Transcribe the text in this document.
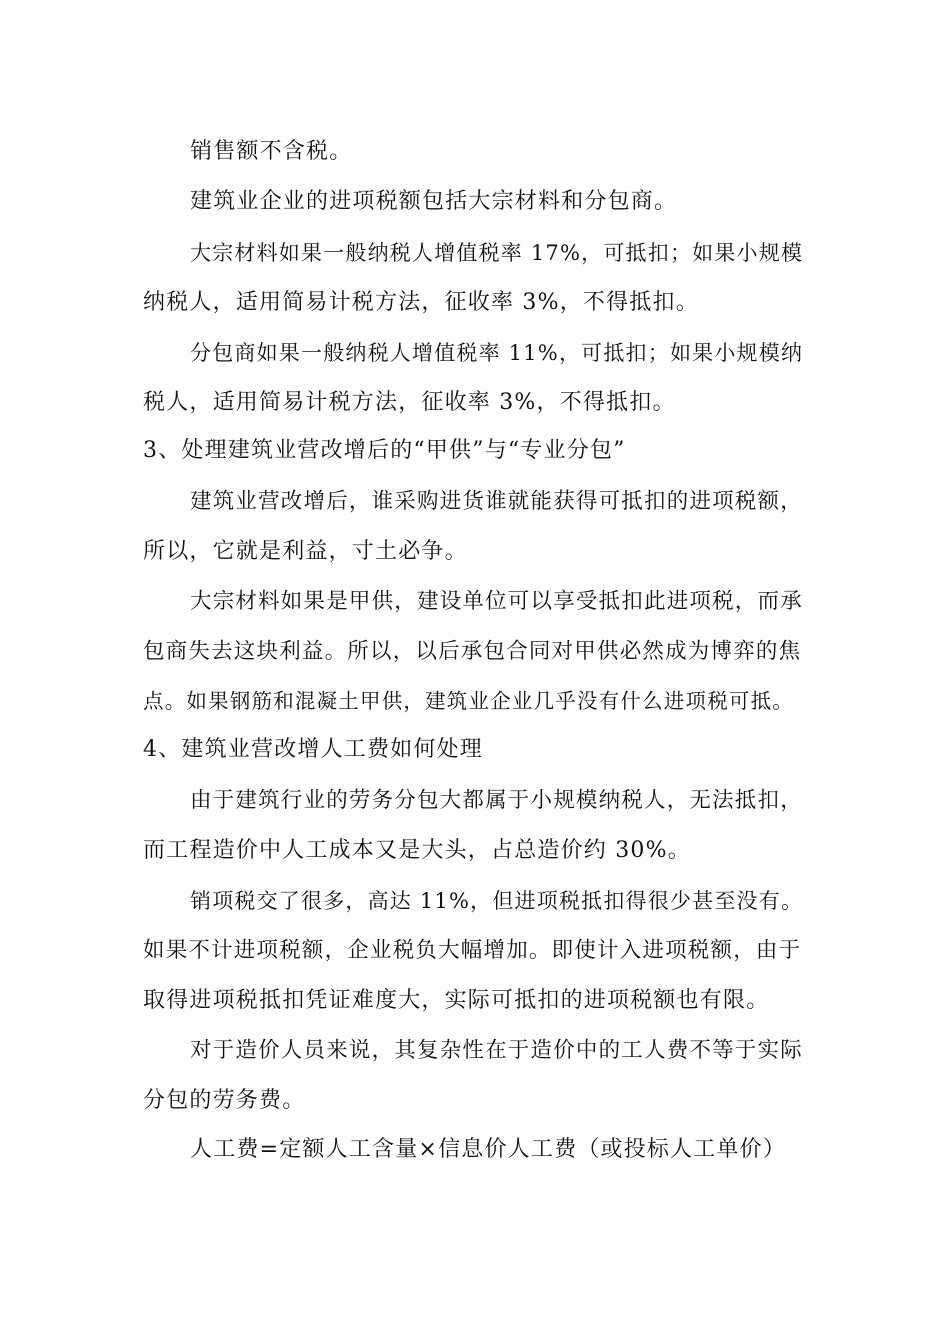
销售额不含税。
建筑业企业的进项税额包括大宗材料和分包商。
大宗材料如果一般纳税人增值税率 17%，可抵扣；如果小规模
纳税人，适用简易计税方法，征收率 3%，不得抵扣。
分包商如果一般纳税人增值税率 11%，可抵扣；如果小规模纳
税人，适用简易计税方法，征收率 3%，不得抵扣。
3、处理建筑业营改增后的“甲供”与“专业分包”
建筑业营改增后，谁采购进货谁就能获得可抵扣的进项税额，
所以，它就是利益，寸土必争。
大宗材料如果是甲供，建设单位可以享受抵扣此进项税，而承
包商失去这块利益。所以，以后承包合同对甲供必然成为博弈的焦
点。如果钢筋和混凝土甲供，建筑业企业几乎没有什么进项税可抵。
4、建筑业营改增人工费如何处理
由于建筑行业的劳务分包大都属于小规模纳税人，无法抵扣，
而工程造价中人工成本又是大头，占总造价约 30%。
销项税交了很多，高达 11%，但进项税抵扣得很少甚至没有。
如果不计进项税额，企业税负大幅增加。即使计入进项税额，由于
取得进项税抵扣凭证难度大，实际可抵扣的进项税额也有限。
对于造价人员来说，其复杂性在于造价中的工人费不等于实际
分包的劳务费。
人工费=定额人工含量×信息价人工费（或投标人工单价）
